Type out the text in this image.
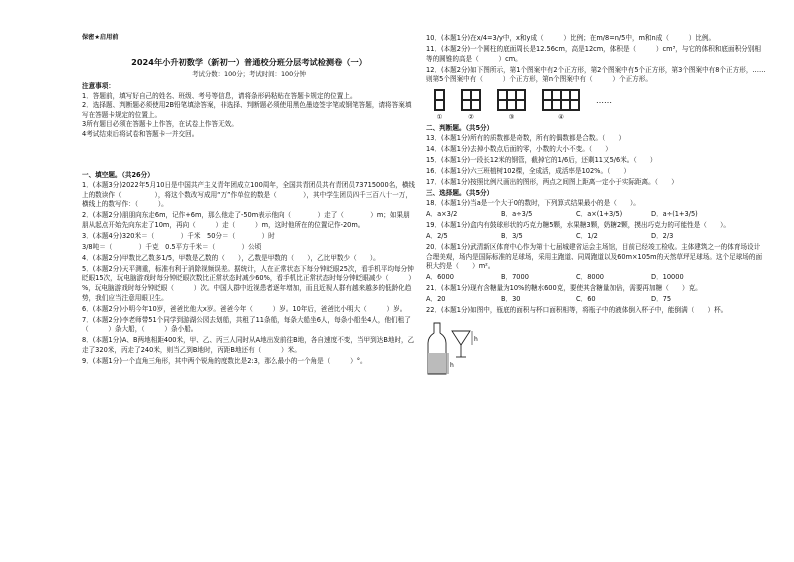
保密★启用前
2024年小升初数学（新初一）普通校分班分层考试检测卷（一）
考试分数：100分；考试时间：100分钟
注意事项：

1．答题前，填写好自己的姓名、班级、考号等信息，请将条形码粘贴在答题卡规定的位置上。

2．选择题、判断题必须使用2B铅笔填涂答案，非选择、判断题必须使用黑色墨迹签字笔或钢笔答题，请将答案填写在答题卡规定的位置上。

3所有题目必须在答题卡上作答，在试卷上作答无效。

4考试结束后将试卷和答题卡一并交回。

一、填空题。（共26分）

1．(本题3分)2022年5月10日是中国共产主义青年团成立100周年，全国共青团员共有青团员73715000名，横线上的数读作（　　　　　），将这个数改写成用“万”作单位的数是（　　　　），其中学生团员四千三百八十一万，横线上的数写作：（　　　）。

2．(本题2分)朋朋向东走6m，记作+6m，那么他走了-50m表示他向（　　　　）走了（　　　　）m；如果朋朋从起点开始先向东走了10m，再向（　　　）走（　　　）m，这时他所在的位置记作-20m。

3．(本题4分)320米＝（　　　　）千米　50分＝（　　　　）时

3/8吨＝（　　　　）千克　0.5平方千米＝（　　　　）公顷

4．(本题2分)甲数比乙数多1/5，甲数是乙数的（　　），乙数是甲数的（　　），乙比甲数少（　　）。

5．(本题2分)天平测重，标准有利于消除视频误差。据统计，人在正常状态下每分钟眨眼25次，看手机平均每分钟眨眼15次，玩电脑游戏时每分钟眨眼次数比正常状态时减少60%，看手机比正常状态时每分钟眨眼减少（　　　）%，玩电脑游戏时每分钟眨眼（　　　）次。中国人群中近视患者逐年增加，而且近视人群有越来越多的低龄化趋势，我们应当注意用眼卫生。

6．(本题2分)小明今年10岁，爸爸比他大x岁。爸爸今年（　　　）岁。10年后，爸爸比小明大（　　　）岁。

7．(本题2分)李老师带51个同学到游湖公园去划船，共租了11条船，每条大船坐6人，每条小船坐4人，他们租了（　　　）条大船，（　　　）条小船。

8．(本题1分)A、B两地相距400米，甲、乙、丙三人同时从A地出发前往B地，各自速度不变，当甲到达B地时，乙走了320米，丙走了240米，则当乙到B地时，丙距B地还有（　　　）米。

9．(本题1分)一个直角三角形，其中两个锐角的度数比是2:3，那么最小的一个角是（　　　）°。

10．(本题1分)在x/4=3/y中，x和y成（　　　）比例；在m/8=n/5中，m和n成（　　　）比例。

11．(本题2分)一个圆柱的底面周长是12.56cm，高是12cm，体积是（　　　）cm³，与它的体积和底面积分别相等的圆锥的高是（　　　）cm。

12．(本题2分)如下图所示，第1个图案中有2个正方形，第2个图案中有5个正方形，第3个图案中有8个正方形，……则第5个图案中有（　　　）个正方形，第n个图案中有（　　　）个正方形。

①	②	③	④
……
二、判断题。（共5分）

13．(本题1分)所有的质数都是奇数，所有的偶数都是合数。（　　）

14．(本题1分)去掉小数点后面的零，小数的大小不变。（　　）

15．(本题1分)一段长12米的钢管，截掉它的1/6后，还剩11又5/6米。（　　）

16．(本题1分)六三班植树102棵，全成活，成活率是102%。（　　）

17．(本题1分)按照比例尺画出的图形，两点之间图上距离一定小于实际距离。（　　）

三、选择题。（共5分）

18．(本题1分)当a是一个大于0的数时，下列算式结果最小的是（　　）。

A．a×3/2	B．a÷3/5	C．a×(1+3/5)	D．a÷(1+3/5)

19．(本题1分)盒内有鼓球形状的巧克力糖5颗，水果糖3颗，奶糖2颗，摸出巧克力的可能性是（　　）。

A．2/5	B．3/5	C．1/2	D．2/3

20．(本题1分)武清新区体育中心作为第十七届城建省运会主场馆，目前已经竣工检收。主体建筑之一的体育场设计合理美观，场内是国际标准的足球场，采用主跑道、同周跑道以及60m×105m的天然草坪足球场。这个足球场的面积大约是（　　）m²。

A．6000	B．7000	C．8000	D．10000

21．(本题1分)现有含糖量为10%的糖水600克，要使其含糖量加倍，需要再加糖（　　）克。

A．20	B．30	C．60	D．75

22．(本题1分)如图中，瓶底的面积与杯口面积相等，将瓶子中的液体倒入杯子中，能倒满（　　）杯。

h
h
